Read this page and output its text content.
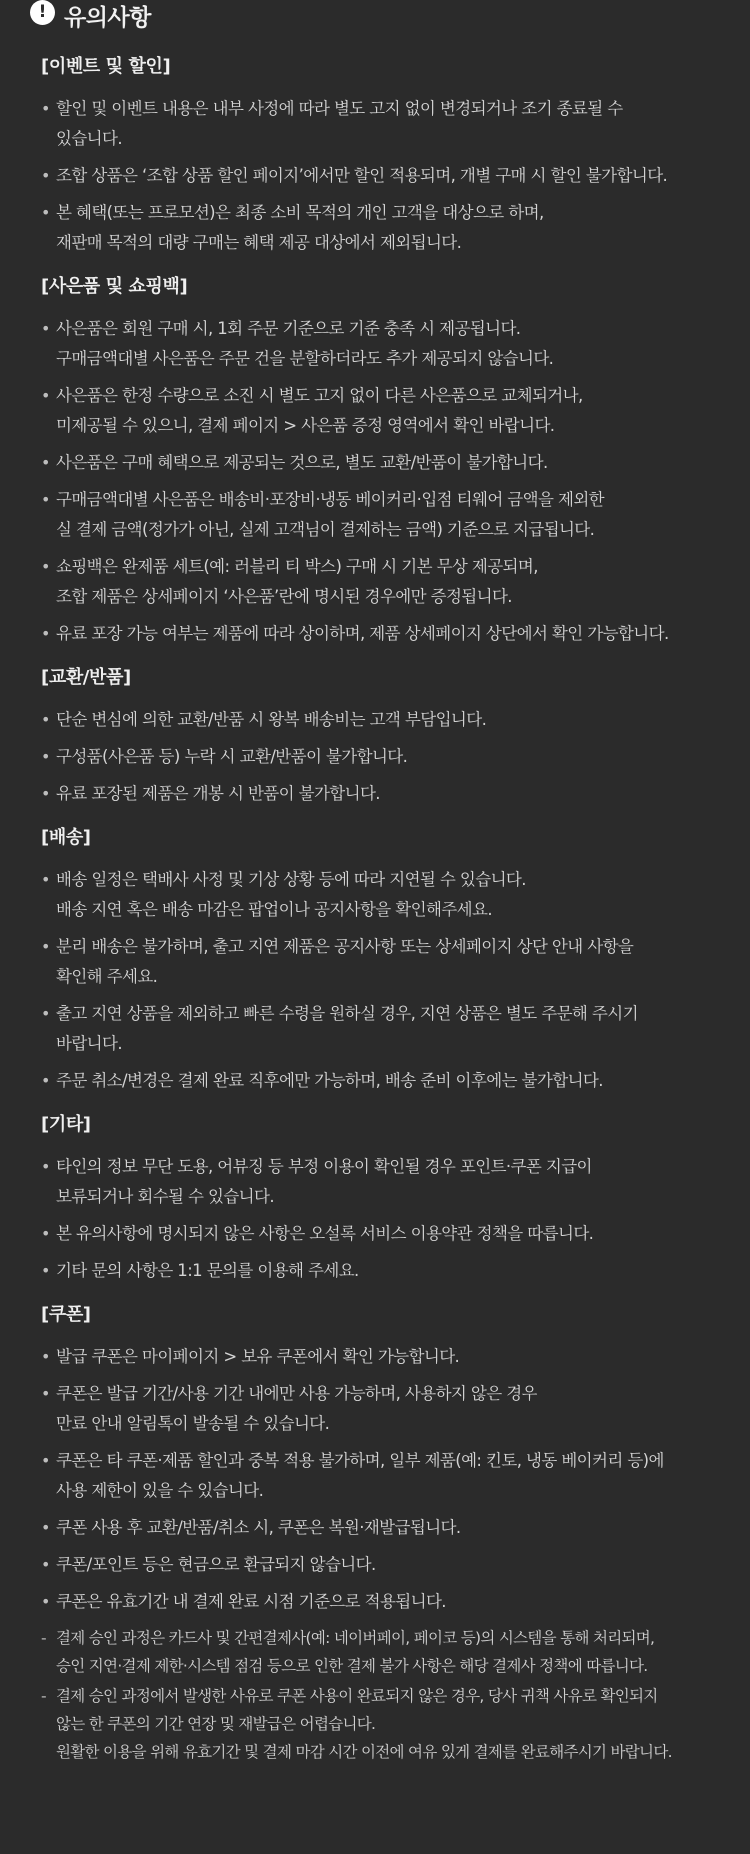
! 유의사항
[이벤트 및 할인]
• 할인 및 이벤트 내용은 내부 사정에 따라 별도 고지 없이 변경되거나 조기 종료될 수
있습니다.
• 조합 상품은 ‘조합 상품 할인 페이지’에서만 할인 적용되며, 개별 구매 시 할인 불가합니다.
• 본 혜택(또는 프로모션)은 최종 소비 목적의 개인 고객을 대상으로 하며,
재판매 목적의 대량 구매는 혜택 제공 대상에서 제외됩니다.
[사은품 및 쇼핑백]
• 사은품은 회원 구매 시, 1회 주문 기준으로 기준 충족 시 제공됩니다.
구매금액대별 사은품은 주문 건을 분할하더라도 추가 제공되지 않습니다.
• 사은품은 한정 수량으로 소진 시 별도 고지 없이 다른 사은품으로 교체되거나,
미제공될 수 있으니, 결제 페이지 > 사은품 증정 영역에서 확인 바랍니다.
• 사은품은 구매 혜택으로 제공되는 것으로, 별도 교환/반품이 불가합니다.
• 구매금액대별 사은품은 배송비·포장비·냉동 베이커리·입점 티웨어 금액을 제외한
실 결제 금액(정가가 아닌, 실제 고객님이 결제하는 금액) 기준으로 지급됩니다.
• 쇼핑백은 완제품 세트(예: 러블리 티 박스) 구매 시 기본 무상 제공되며,
조합 제품은 상세페이지 ‘사은품’란에 명시된 경우에만 증정됩니다.
• 유료 포장 가능 여부는 제품에 따라 상이하며, 제품 상세페이지 상단에서 확인 가능합니다.
[교환/반품]
• 단순 변심에 의한 교환/반품 시 왕복 배송비는 고객 부담입니다.
• 구성품(사은품 등) 누락 시 교환/반품이 불가합니다.
• 유료 포장된 제품은 개봉 시 반품이 불가합니다.
[배송]
• 배송 일정은 택배사 사정 및 기상 상황 등에 따라 지연될 수 있습니다.
배송 지연 혹은 배송 마감은 팝업이나 공지사항을 확인해주세요.
• 분리 배송은 불가하며, 출고 지연 제품은 공지사항 또는 상세페이지 상단 안내 사항을
확인해 주세요.
• 출고 지연 상품을 제외하고 빠른 수령을 원하실 경우, 지연 상품은 별도 주문해 주시기
바랍니다.
• 주문 취소/변경은 결제 완료 직후에만 가능하며, 배송 준비 이후에는 불가합니다.
[기타]
• 타인의 정보 무단 도용, 어뷰징 등 부정 이용이 확인될 경우 포인트·쿠폰 지급이
보류되거나 회수될 수 있습니다.
• 본 유의사항에 명시되지 않은 사항은 오설록 서비스 이용약관 정책을 따릅니다.
• 기타 문의 사항은 1:1 문의를 이용해 주세요.
[쿠폰]
• 발급 쿠폰은 마이페이지 > 보유 쿠폰에서 확인 가능합니다.
• 쿠폰은 발급 기간/사용 기간 내에만 사용 가능하며, 사용하지 않은 경우
만료 안내 알림톡이 발송될 수 있습니다.
• 쿠폰은 타 쿠폰·제품 할인과 중복 적용 불가하며, 일부 제품(예: 킨토, 냉동 베이커리 등)에
사용 제한이 있을 수 있습니다.
• 쿠폰 사용 후 교환/반품/취소 시, 쿠폰은 복원·재발급됩니다.
• 쿠폰/포인트 등은 현금으로 환급되지 않습니다.
• 쿠폰은 유효기간 내 결제 완료 시점 기준으로 적용됩니다.
- 결제 승인 과정은 카드사 및 간편결제사(예: 네이버페이, 페이코 등)의 시스템을 통해 처리되며,
승인 지연·결제 제한·시스템 점검 등으로 인한 결제 불가 사항은 해당 결제사 정책에 따릅니다.
- 결제 승인 과정에서 발생한 사유로 쿠폰 사용이 완료되지 않은 경우, 당사 귀책 사유로 확인되지
않는 한 쿠폰의 기간 연장 및 재발급은 어렵습니다.
원활한 이용을 위해 유효기간 및 결제 마감 시간 이전에 여유 있게 결제를 완료해주시기 바랍니다.
